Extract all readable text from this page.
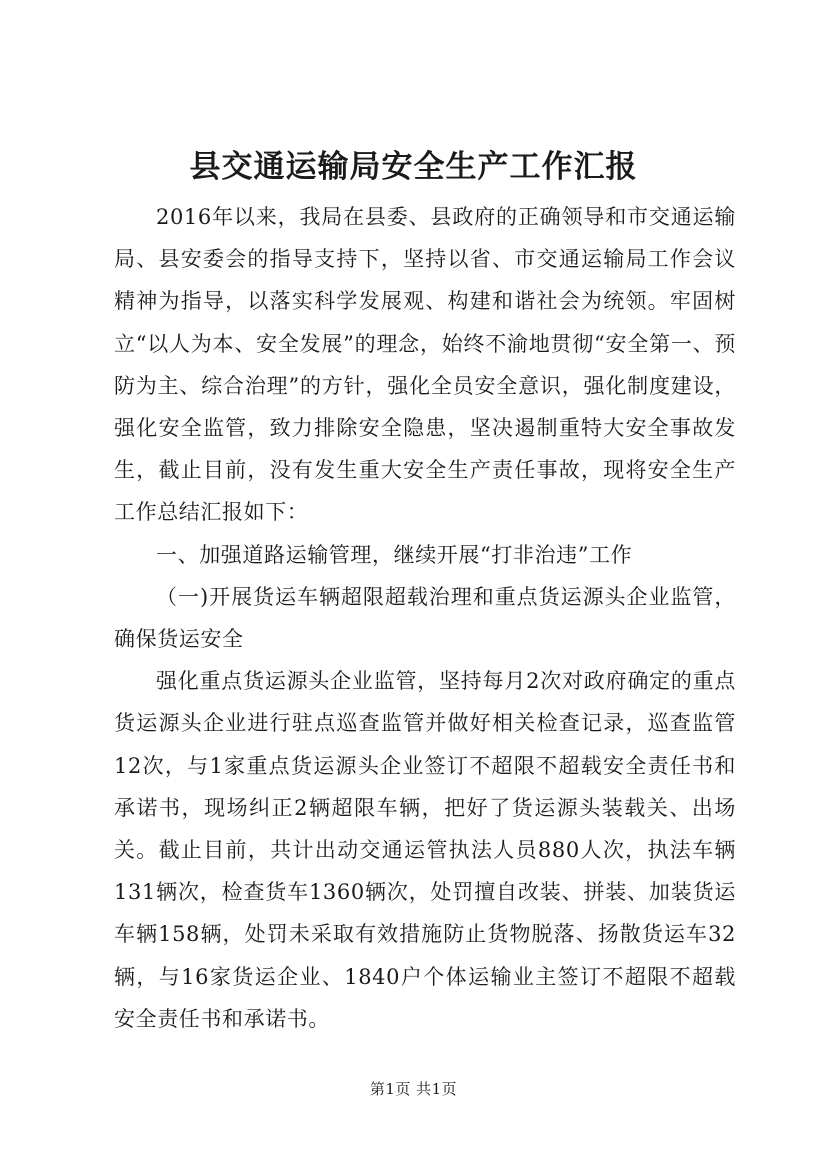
县交通运输局安全生产工作汇报

2016年以来，我局在县委、县政府的正确领导和市交通运输局、县安委会的指导支持下，坚持以省、市交通运输局工作会议精神为指导，以落实科学发展观、构建和谐社会为统领。牢固树立“以人为本、安全发展”的理念，始终不渝地贯彻“安全第一、预防为主、综合治理”的方针，强化全员安全意识，强化制度建设，强化安全监管，致力排除安全隐患，坚决遏制重特大安全事故发生，截止目前，没有发生重大安全生产责任事故，现将安全生产工作总结汇报如下：

一、加强道路运输管理，继续开展“打非治违”工作

（一)开展货运车辆超限超载治理和重点货运源头企业监管，确保货运安全

强化重点货运源头企业监管，坚持每月2次对政府确定的重点货运源头企业进行驻点巡查监管并做好相关检查记录，巡查监管12次，与1家重点货运源头企业签订不超限不超载安全责任书和承诺书，现场纠正2辆超限车辆，把好了货运源头装载关、出场关。截止目前，共计出动交通运管执法人员880人次，执法车辆131辆次，检查货车1360辆次，处罚擅自改装、拼装、加装货运车辆158辆，处罚未采取有效措施防止货物脱落、扬散货运车32辆，与16家货运企业、1840户个体运输业主签订不超限不超载安全责任书和承诺书。

第1页 共1页
